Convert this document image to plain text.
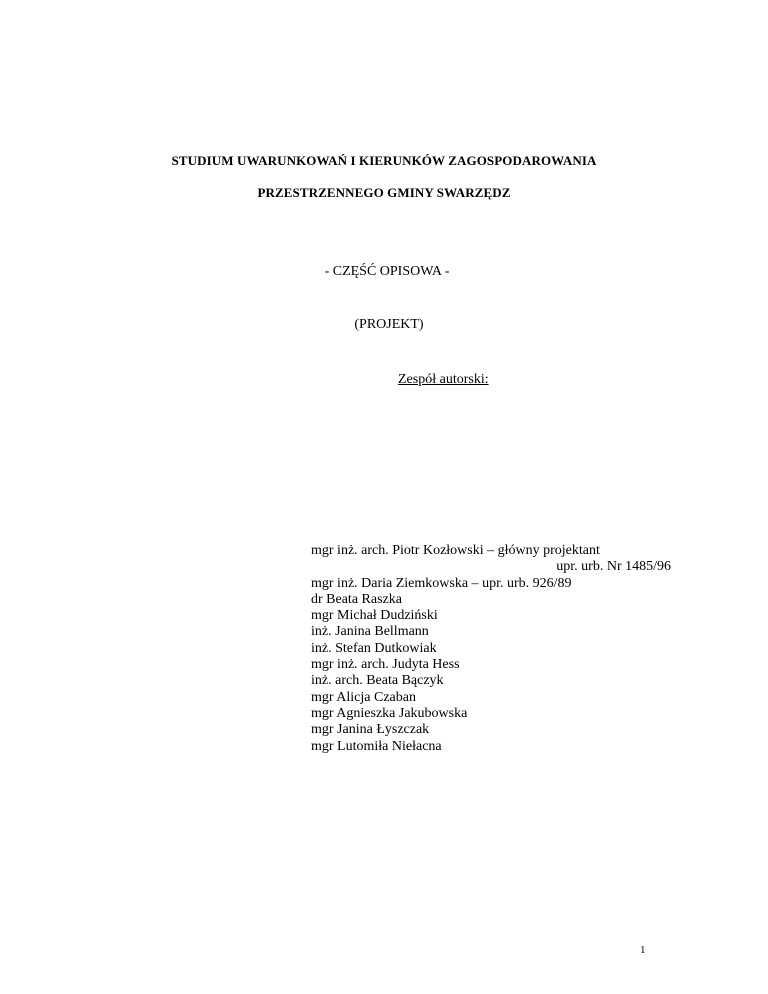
STUDIUM UWARUNKOWAŃ I KIERUNKÓW ZAGOSPODAROWANIA
PRZESTRZENNEGO GMINY SWARZĘDZ
- CZĘŚĆ OPISOWA -
(PROJEKT)
Zespół autorski:
mgr inż. arch. Piotr Kozłowski – główny projektant
upr. urb. Nr 1485/96
mgr inż. Daria Ziemkowska – upr. urb. 926/89
dr Beata Raszka
mgr Michał Dudziński
inż. Janina Bellmann
inż. Stefan Dutkowiak
mgr inż. arch. Judyta Hess
inż. arch. Beata Bączyk
mgr Alicja Czaban
mgr Agnieszka Jakubowska
mgr Janina Łyszczak
mgr Lutomiła Niełacna
1
